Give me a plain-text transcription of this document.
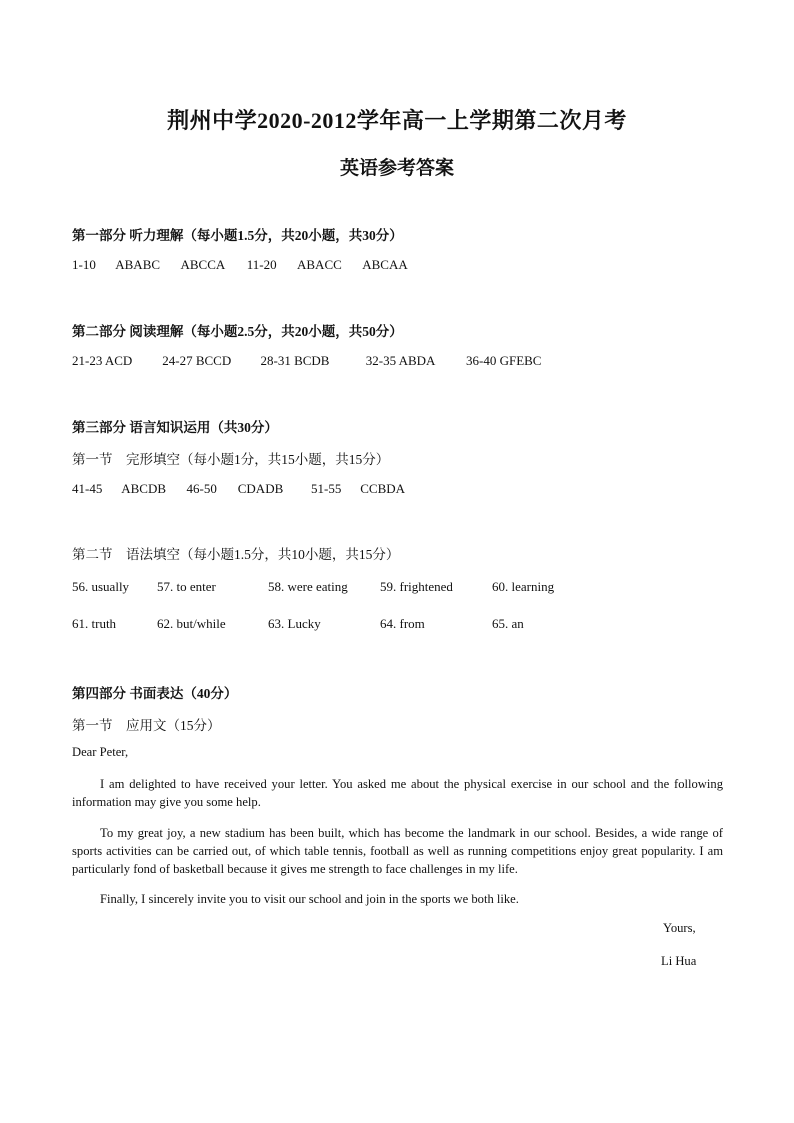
荆州中学2020-2012学年高一上学期第二次月考
英语参考答案
第一部分 听力理解（每小题1.5分，共20小题，共30分）
1-10 ABABC ABCCA 11-20 ABACC ABCAA
第二部分 阅读理解（每小题2.5分，共20小题，共50分）
21-23 ACD 24-27 BCCD 28-31 BCDB	32-35 ABDA 36-40 GFEBC
第三部分 语言知识运用（共30分）
第一节　完形填空（每小题1分，共15小题，共15分）
41-45 ABCDB 46-50 CDADB 51-55 CCBDA
第二节　语法填空（每小题1.5分，共10小题，共15分）
56. usually 57. to enter	58. were eating 59. frightened	60. learning
61. truth	62. but/while	63. Lucky	64. from	65. an
第四部分 书面表达（40分）
第一节　应用文（15分）
Dear Peter,
I am delighted to have received your letter. You asked me about the physical exercise in our school and the following information may give you some help.
To my great joy, a new stadium has been built, which has become the landmark in our school. Besides, a wide range of sports activities can be carried out, of which table tennis, football as well as running competitions enjoy great popularity. I am particularly fond of basketball because it gives me strength to face challenges in my life.
Finally, I sincerely invite you to visit our school and join in the sports we both like.
Yours,
Li Hua
